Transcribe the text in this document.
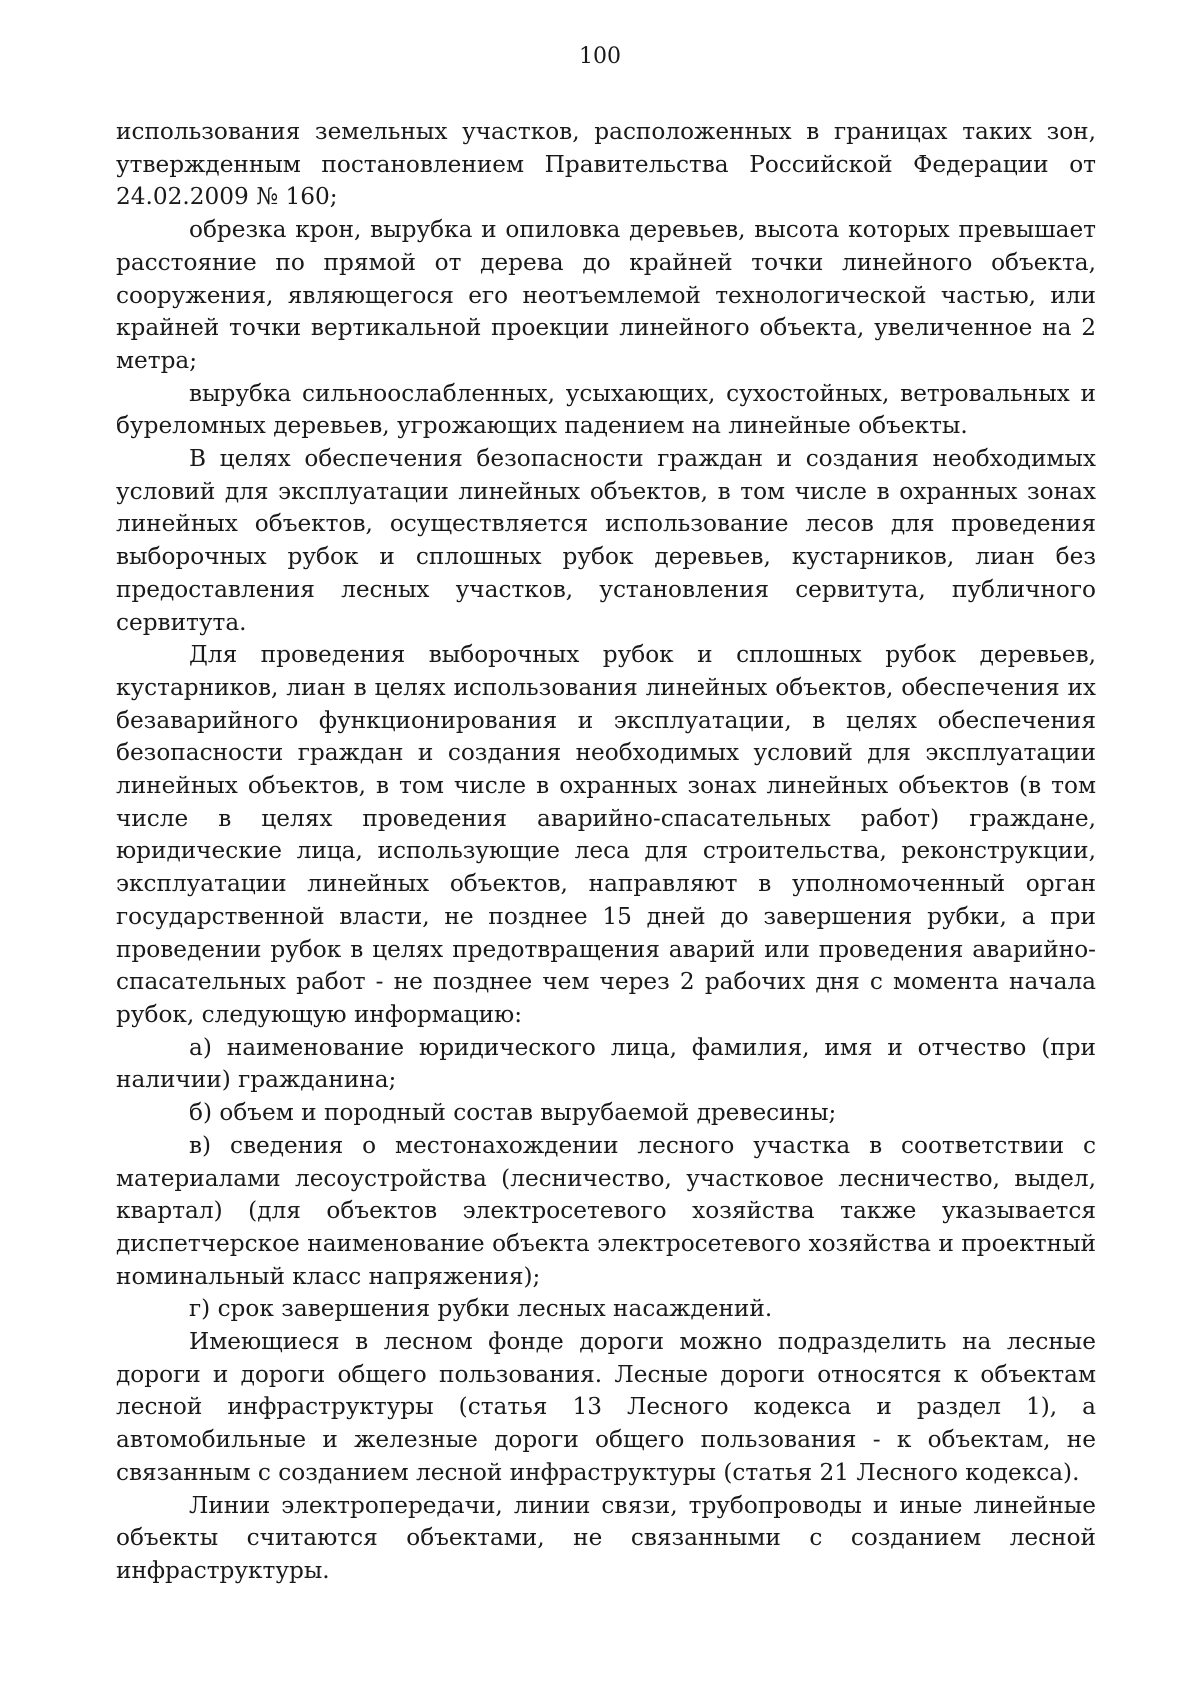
100

использования земельных участков, расположенных в границах таких зон, утвержденным постановлением Правительства Российской Федерации от 24.02.2009 № 160;

обрезка крон, вырубка и опиловка деревьев, высота которых превышает расстояние по прямой от дерева до крайней точки линейного объекта, сооружения, являющегося его неотъемлемой технологической частью, или крайней точки вертикальной проекции линейного объекта, увеличенное на 2 метра;

вырубка сильноослабленных, усыхающих, сухостойных, ветровальных и буреломных деревьев, угрожающих падением на линейные объекты.

В целях обеспечения безопасности граждан и создания необходимых условий для эксплуатации линейных объектов, в том числе в охранных зонах линейных объектов, осуществляется использование лесов для проведения выборочных рубок и сплошных рубок деревьев, кустарников, лиан без предоставления лесных участков, установления сервитута, публичного сервитута.

Для проведения выборочных рубок и сплошных рубок деревьев, кустарников, лиан в целях использования линейных объектов, обеспечения их безаварийного функционирования и эксплуатации, в целях обеспечения безопасности граждан и создания необходимых условий для эксплуатации линейных объектов, в том числе в охранных зонах линейных объектов (в том числе в целях проведения аварийно-спасательных работ) граждане, юридические лица, использующие леса для строительства, реконструкции, эксплуатации линейных объектов, направляют в уполномоченный орган государственной власти, не позднее 15 дней до завершения рубки, а при проведении рубок в целях предотвращения аварий или проведения аварийно-спасательных работ - не позднее чем через 2 рабочих дня с момента начала рубок, следующую информацию:

а) наименование юридического лица, фамилия, имя и отчество (при наличии) гражданина;

б) объем и породный состав вырубаемой древесины;

в) сведения о местонахождении лесного участка в соответствии с материалами лесоустройства (лесничество, участковое лесничество, выдел, квартал) (для объектов электросетевого хозяйства также указывается диспетчерское наименование объекта электросетевого хозяйства и проектный номинальный класс напряжения);

г) срок завершения рубки лесных насаждений.

Имеющиеся в лесном фонде дороги можно подразделить на лесные дороги и дороги общего пользования. Лесные дороги относятся к объектам лесной инфраструктуры (статья 13 Лесного кодекса и раздел 1), а автомобильные и железные дороги общего пользования - к объектам, не связанным с созданием лесной инфраструктуры (статья 21 Лесного кодекса).

Линии электропередачи, линии связи, трубопроводы и иные линейные объекты считаются объектами, не связанными с созданием лесной инфраструктуры.
